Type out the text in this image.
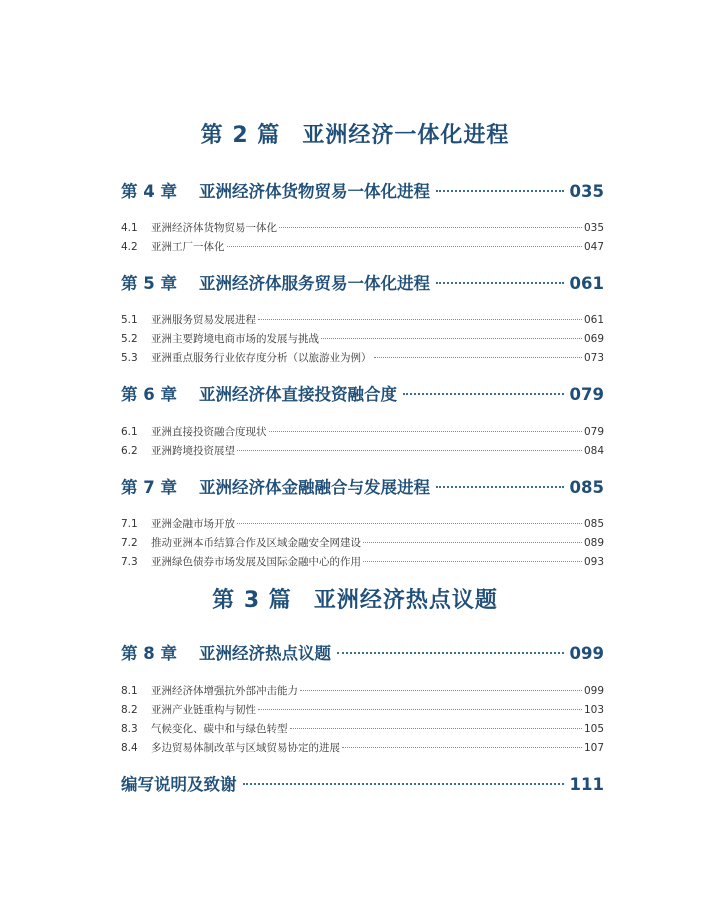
第 2 篇 亚洲经济一体化进程
第 4 章 亚洲经济体货物贸易一体化进程	035
4.1	亚洲经济体货物贸易一体化	035
4.2	亚洲工厂一体化	047
第 5 章 亚洲经济体服务贸易一体化进程	061
5.1	亚洲服务贸易发展进程	061
5.2	亚洲主要跨境电商市场的发展与挑战	069
5.3	亚洲重点服务行业依存度分析（以旅游业为例）	073
第 6 章 亚洲经济体直接投资融合度	079
6.1	亚洲直接投资融合度现状	079
6.2	亚洲跨境投资展望	084
第 7 章 亚洲经济体金融融合与发展进程	085
7.1	亚洲金融市场开放	085
7.2	推动亚洲本币结算合作及区域金融安全网建设	089
7.3	亚洲绿色债券市场发展及国际金融中心的作用	093
第 3 篇 亚洲经济热点议题
第 8 章 亚洲经济热点议题	099
8.1	亚洲经济体增强抗外部冲击能力	099
8.2	亚洲产业链重构与韧性	103
8.3	气候变化、碳中和与绿色转型	105
8.4	多边贸易体制改革与区域贸易协定的进展	107
编写说明及致谢	111
